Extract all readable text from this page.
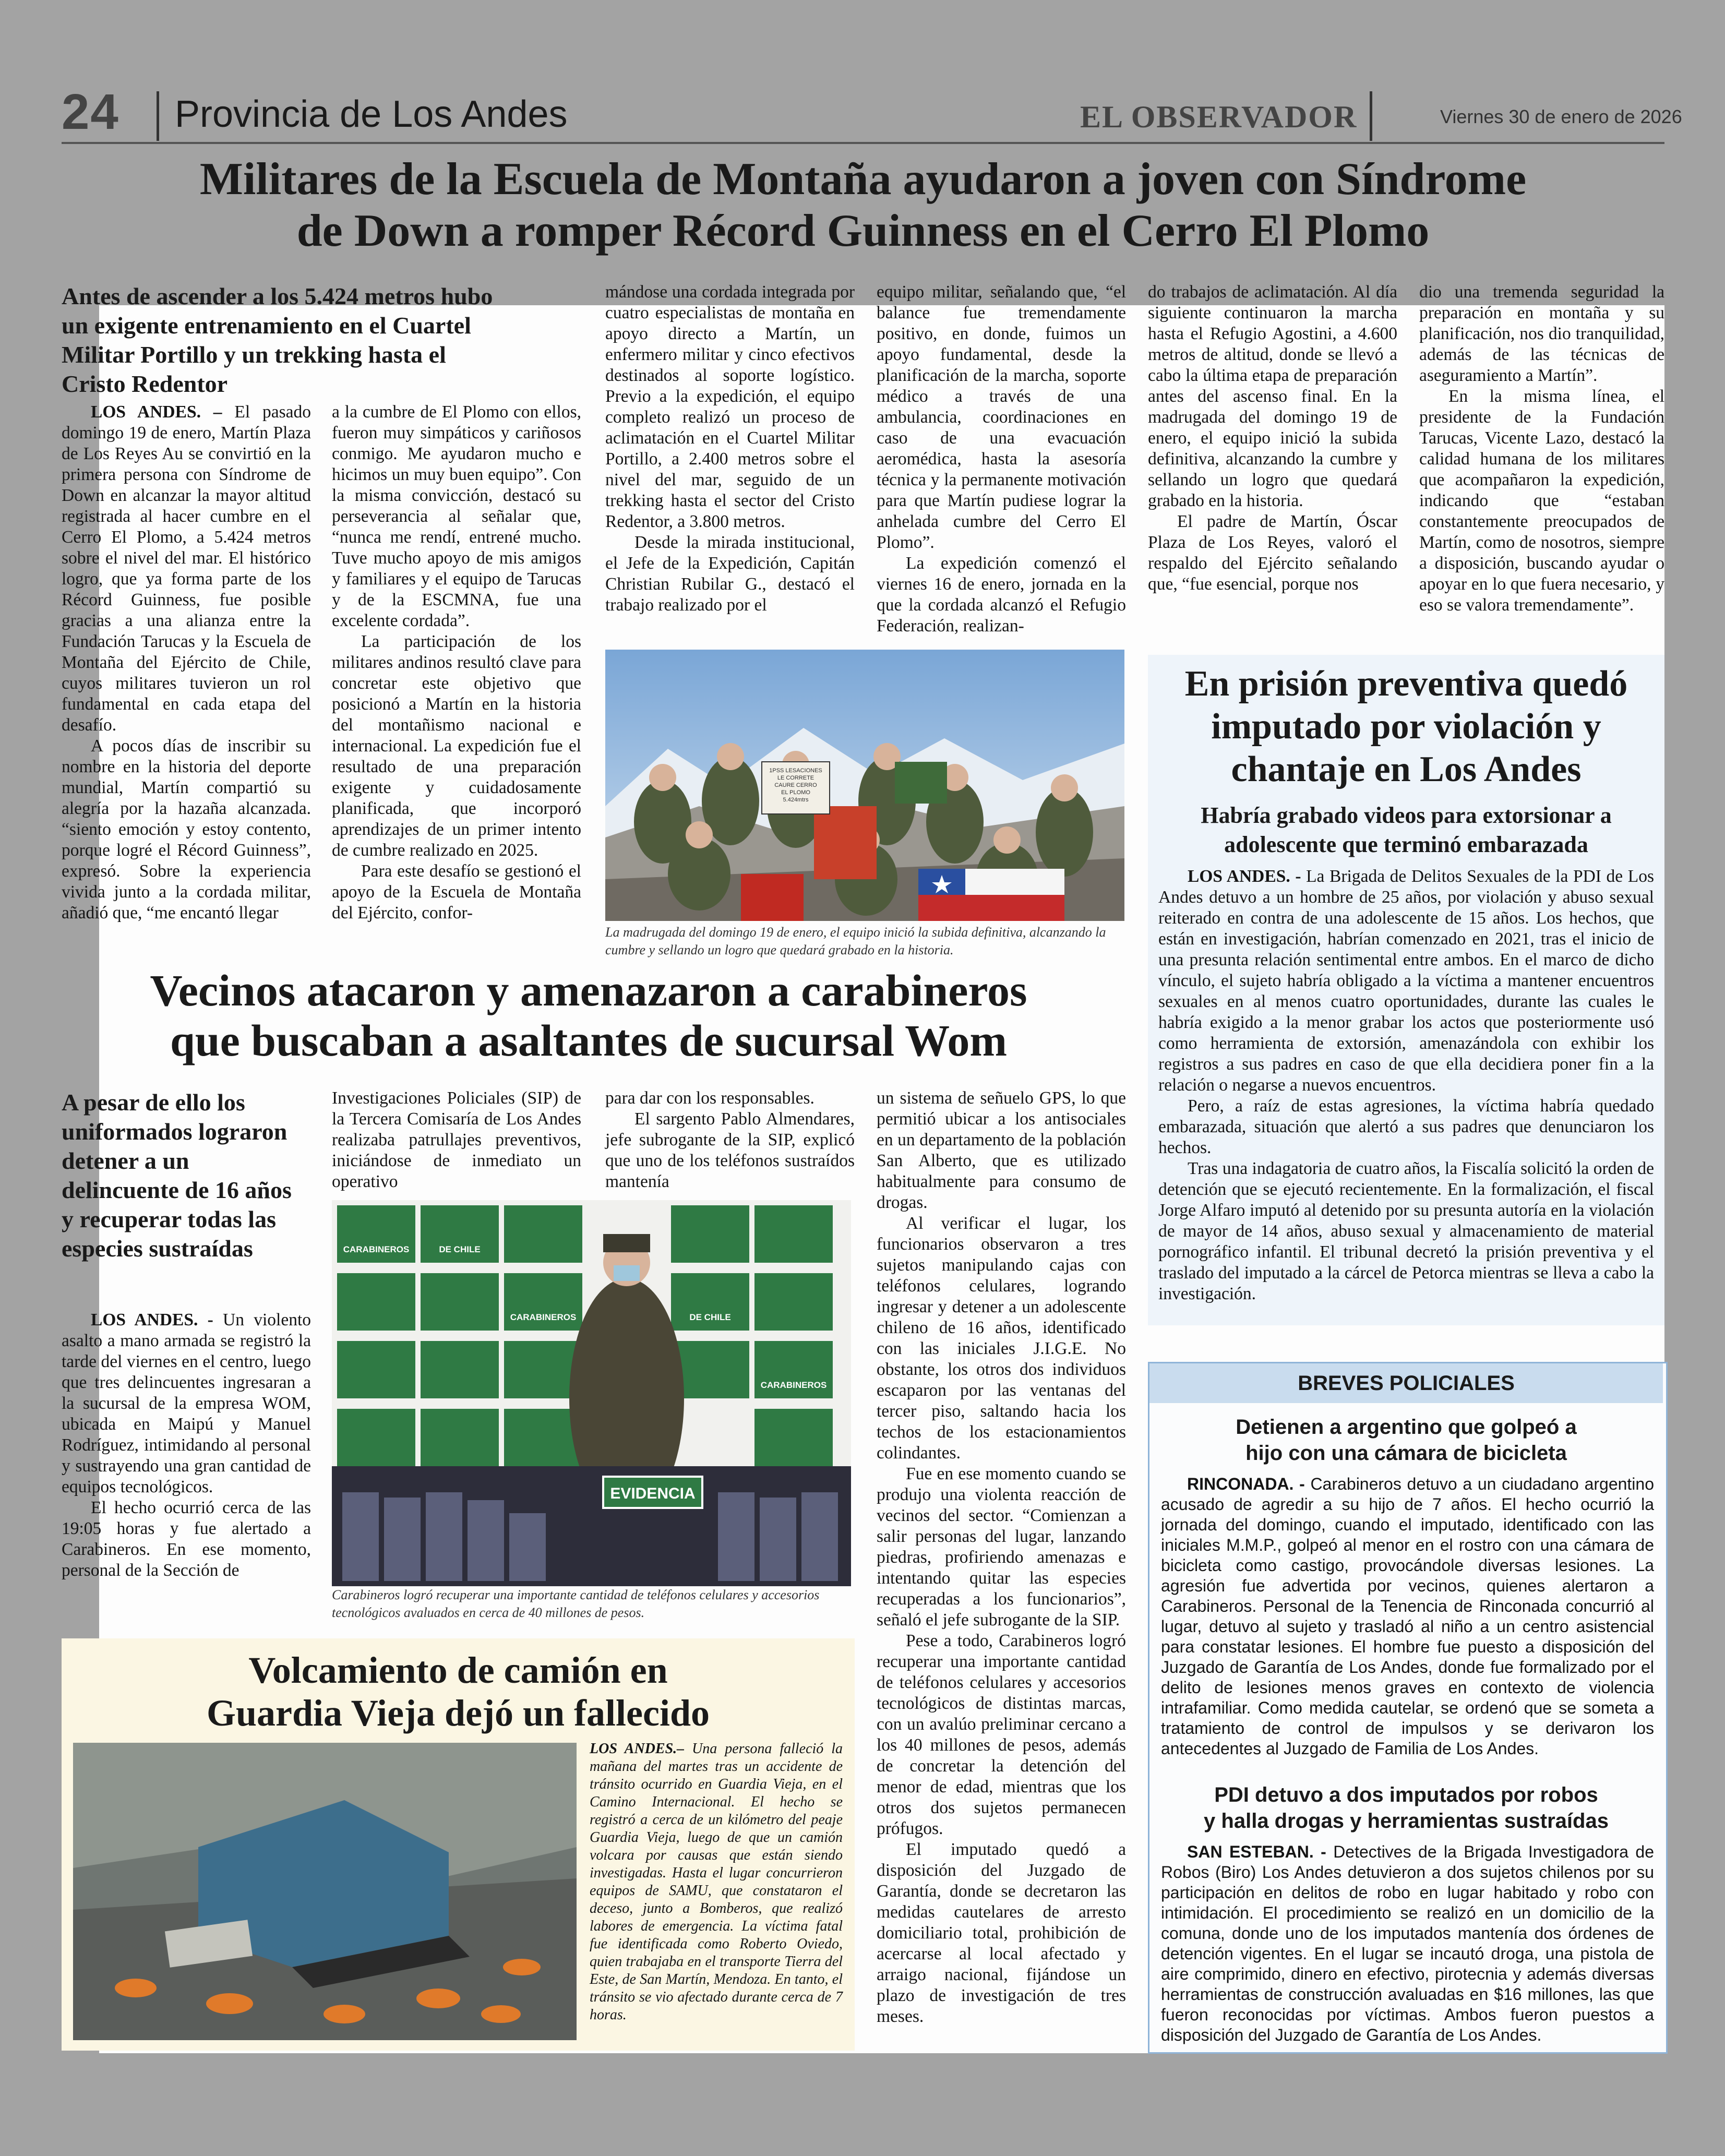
24 Provincia de Los Andes	EL OBSERVADOR	Viernes 30 de enero de 2026
Militares de la Escuela de Montaña ayudaron a joven con Síndrome
de Down a romper Récord Guinness en el Cerro El Plomo
Antes de ascender a los 5.424 metros hubo un exigente entrenamiento en el Cuartel Militar Portillo y un trekking hasta el Cristo Redentor

LOS ANDES. – El pasado domingo 19 de enero, Martín Plaza de Los Reyes Au se convirtió en la primera persona con Síndrome de Down en alcanzar la mayor altitud registrada al hacer cumbre en el Cerro El Plomo, a 5.424 metros sobre el nivel del mar. El histórico logro, que ya forma parte de los Récord Guinness, fue posible gracias a una alianza entre la Fundación Tarucas y la Escuela de Montaña del Ejército de Chile, cuyos militares tuvieron un rol fundamental en cada etapa del desafío.

A pocos días de inscribir su nombre en la historia del deporte mundial, Martín compartió su alegría por la hazaña alcanzada. “siento emoción y estoy contento, porque logré el Récord Guinness”, expresó. Sobre la experiencia vivida junto a la cordada militar, añadió que, “me encantó llegar

a la cumbre de El Plomo con ellos, fueron muy simpáticos y cariñosos conmigo. Me ayudaron mucho e hicimos un muy buen equipo”. Con la misma convicción, destacó su perseverancia al señalar que, “nunca me rendí, entrené mucho. Tuve mucho apoyo de mis amigos y familiares y el equipo de Tarucas y de la ESCMNA, fue una excelente cordada”.

La participación de los militares andinos resultó clave para concretar este objetivo que posicionó a Martín en la historia del montañismo nacional e internacional. La expedición fue el resultado de una preparación exigente y cuidadosamente planificada, que incorporó aprendizajes de un primer intento de cumbre realizado en 2025.

Para este desafío se gestionó el apoyo de la Escuela de Montaña del Ejército, confor-

mándose una cordada integrada por cuatro especialistas de montaña en apoyo directo a Martín, un enfermero militar y cinco efectivos destinados al soporte logístico. Previo a la expedición, el equipo completo realizó un proceso de aclimatación en el Cuartel Militar Portillo, a 2.400 metros sobre el nivel del mar, seguido de un trekking hasta el sector del Cristo Redentor, a 3.800 metros.

Desde la mirada institucional, el Jefe de la Expedición, Capitán Christian Rubilar G., destacó el trabajo realizado por el

equipo militar, señalando que, “el balance fue tremendamente positivo, en donde, fuimos un apoyo fundamental, desde la planificación de la marcha, soporte médico a través de una ambulancia, coordinaciones en caso de una evacuación aeromédica, hasta la asesoría técnica y la permanente motivación para que Martín pudiese lograr la anhelada cumbre del Cerro El Plomo”.

La expedición comenzó el viernes 16 de enero, jornada en la que la cordada alcanzó el Refugio Federación, realizan-

do trabajos de aclimatación. Al día siguiente continuaron la marcha hasta el Refugio Agostini, a 4.600 metros de altitud, donde se llevó a cabo la última etapa de preparación antes del ascenso final. En la madrugada del domingo 19 de enero, el equipo inició la subida definitiva, alcanzando la cumbre y sellando un logro que quedará grabado en la historia.

El padre de Martín, Óscar Plaza de Los Reyes, valoró el respaldo del Ejército señalando que, “fue esencial, porque nos

dio una tremenda seguridad la preparación en montaña y su planificación, nos dio tranquilidad, además de las técnicas de aseguramiento a Martín”.

En la misma línea, el presidente de la Fundación Tarucas, Vicente Lazo, destacó la calidad humana de los militares que acompañaron la expedición, indicando que “estaban constantemente preocupados de Martín, como de nosotros, siempre a disposición, buscando ayudar o apoyar en lo que fuera necesario, y eso se valora tremendamente”.

1PSS LESACIONES LE CORRETE CAURE CERRO EL PLOMO 5.424mtrs
La madrugada del domingo 19 de enero, el equipo inició la subida definitiva, alcanzando la cumbre y sellando un logro que quedará grabado en la historia.
Vecinos atacaron y amenazaron a carabineros
que buscaban a asaltantes de sucursal Wom
A pesar de ello los uniformados lograron detener a un delincuente de 16 años y recuperar todas las especies sustraídas

LOS ANDES. - Un violento asalto a mano armada se registró la tarde del viernes en el centro, luego que tres delincuentes ingresaran a la sucursal de la empresa WOM, ubicada en Maipú y Manuel Rodríguez, intimidando al personal y sustrayendo una gran cantidad de equipos tecnológicos.

El hecho ocurrió cerca de las 19:05 horas y fue alertado a Carabineros. En ese momento, personal de la Sección de

Investigaciones Policiales (SIP) de la Tercera Comisaría de Los Andes realizaba patrullajes preventivos, iniciándose de inmediato un operativo

para dar con los responsables.

El sargento Pablo Almendares, jefe subrogante de la SIP, explicó que uno de los teléfonos sustraídos mantenía

un sistema de señuelo GPS, lo que permitió ubicar a los antisociales en un departamento de la población San Alberto, que es utilizado habitualmente para consumo de drogas.

Al verificar el lugar, los funcionarios observaron a tres sujetos manipulando cajas con teléfonos celulares, logrando ingresar y detener a un adolescente chileno de 16 años, identificado con las iniciales J.I.G.E. No obstante, los otros dos individuos escaparon por las ventanas del tercer piso, saltando hacia los techos de los estacionamientos colindantes.

Fue en ese momento cuando se produjo una violenta reacción de vecinos del sector. “Comienzan a salir personas del lugar, lanzando piedras, profiriendo amenazas e intentando quitar las especies recuperadas a los funcionarios”, señaló el jefe subrogante de la SIP.

Pese a todo, Carabineros logró recuperar una importante cantidad de teléfonos celulares y accesorios tecnológicos de distintas marcas, con un avalúo preliminar cercano a los 40 millones de pesos, además de concretar la detención del menor de edad, mientras que los otros dos sujetos permanecen prófugos.

El imputado quedó a disposición del Juzgado de Garantía, donde se decretaron las medidas cautelares de arresto domiciliario total, prohibición de acercarse al local afectado y arraigo nacional, fijándose un plazo de investigación de tres meses.

CARABINEROS	DE CHILE
CARABINEROS	DE CHILE
CARABINEROS
EVIDENCIA
Carabineros logró recuperar una importante cantidad de teléfonos celulares y accesorios tecnológicos avaluados en cerca de 40 millones de pesos.
En prisión preventiva quedó
imputado por violación y
chantaje en Los Andes
Habría grabado videos para extorsionar a adolescente que terminó embarazada

LOS ANDES. - La Brigada de Delitos Sexuales de la PDI de Los Andes detuvo a un hombre de 25 años, por violación y abuso sexual reiterado en contra de una adolescente de 15 años. Los hechos, que están en investigación, habrían comenzado en 2021, tras el inicio de una presunta relación sentimental entre ambos. En el marco de dicho vínculo, el sujeto habría obligado a la víctima a mantener encuentros sexuales en al menos cuatro oportunidades, durante las cuales le habría exigido a la menor grabar los actos que posteriormente usó como herramienta de extorsión, amenazándola con exhibir los registros a sus padres en caso de que ella decidiera poner fin a la relación o negarse a nuevos encuentros.

Pero, a raíz de estas agresiones, la víctima habría quedado embarazada, situación que alertó a sus padres que denunciaron los hechos.

Tras una indagatoria de cuatro años, la Fiscalía solicitó la orden de detención que se ejecutó recientemente. En la formalización, el fiscal Jorge Alfaro imputó al detenido por su presunta autoría en la violación de mayor de 14 años, abuso sexual y almacenamiento de material pornográfico infantil. El tribunal decretó la prisión preventiva y el traslado del imputado a la cárcel de Petorca mientras se lleva a cabo la investigación.

Volcamiento de camión en
Guardia Vieja dejó un fallecido

LOS ANDES.– Una persona falleció la mañana del martes tras un accidente de tránsito ocurrido en Guardia Vieja, en el Camino Internacional. El hecho se registró a cerca de un kilómetro del peaje Guardia Vieja, luego de que un camión volcara por causas que están siendo investigadas. Hasta el lugar concurrieron equipos de SAMU, que constataron el deceso, junto a Bomberos, que realizó labores de emergencia. La víctima fatal fue identificada como Roberto Oviedo, quien trabajaba en el transporte Tierra del Este, de San Martín, Mendoza. En tanto, el tránsito se vio afectado durante cerca de 7 horas.

BREVES POLICIALES
Detienen a argentino que golpeó a
hijo con una cámara de bicicleta

RINCONADA. - Carabineros detuvo a un ciudadano argentino acusado de agredir a su hijo de 7 años. El hecho ocurrió la jornada del domingo, cuando el imputado, identificado con las iniciales M.M.P., golpeó al menor en el rostro con una cámara de bicicleta como castigo, provocándole diversas lesiones. La agresión fue advertida por vecinos, quienes alertaron a Carabineros. Personal de la Tenencia de Rinconada concurrió al lugar, detuvo al sujeto y trasladó al niño a un centro asistencial para constatar lesiones. El hombre fue puesto a disposición del Juzgado de Garantía de Los Andes, donde fue formalizado por el delito de lesiones menos graves en contexto de violencia intrafamiliar. Como medida cautelar, se ordenó que se someta a tratamiento de control de impulsos y se derivaron los antecedentes al Juzgado de Familia de Los Andes.

PDI detuvo a dos imputados por robos
y halla drogas y herramientas sustraídas

SAN ESTEBAN. - Detectives de la Brigada Investigadora de Robos (Biro) Los Andes detuvieron a dos sujetos chilenos por su participación en delitos de robo en lugar habitado y robo con intimidación. El procedimiento se realizó en un domicilio de la comuna, donde uno de los imputados mantenía dos órdenes de detención vigentes. En el lugar se incautó droga, una pistola de aire comprimido, dinero en efectivo, pirotecnia y además diversas herramientas de construcción avaluadas en $16 millones, las que fueron reconocidas por víctimas. Ambos fueron puestos a disposición del Juzgado de Garantía de Los Andes.
